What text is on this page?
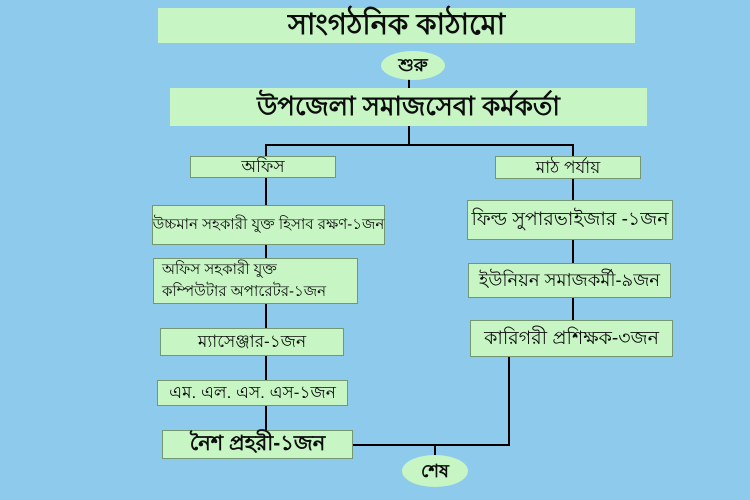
সাংগঠনিক কাঠামো
শুরু
উপজেলা সমাজসেবা কর্মকর্তা
অফিস	মাঠ পর্যায়
উচ্চমান সহকারী যুক্ত হিসাব রক্ষণ-১জন
অফিস সহকারী যুক্ত
কম্পিউটার অপারেটর-১জন
ম্যাসেঞ্জার-১জন
এম. এল. এস. এস-১জন
নৈশ প্রহরী-১জন
ফিল্ড সুপারভাইজার -১জন
ইউনিয়ন সমাজকর্মী-৯জন
কারিগরী প্রশিক্ষক-৩জন
শেষ
